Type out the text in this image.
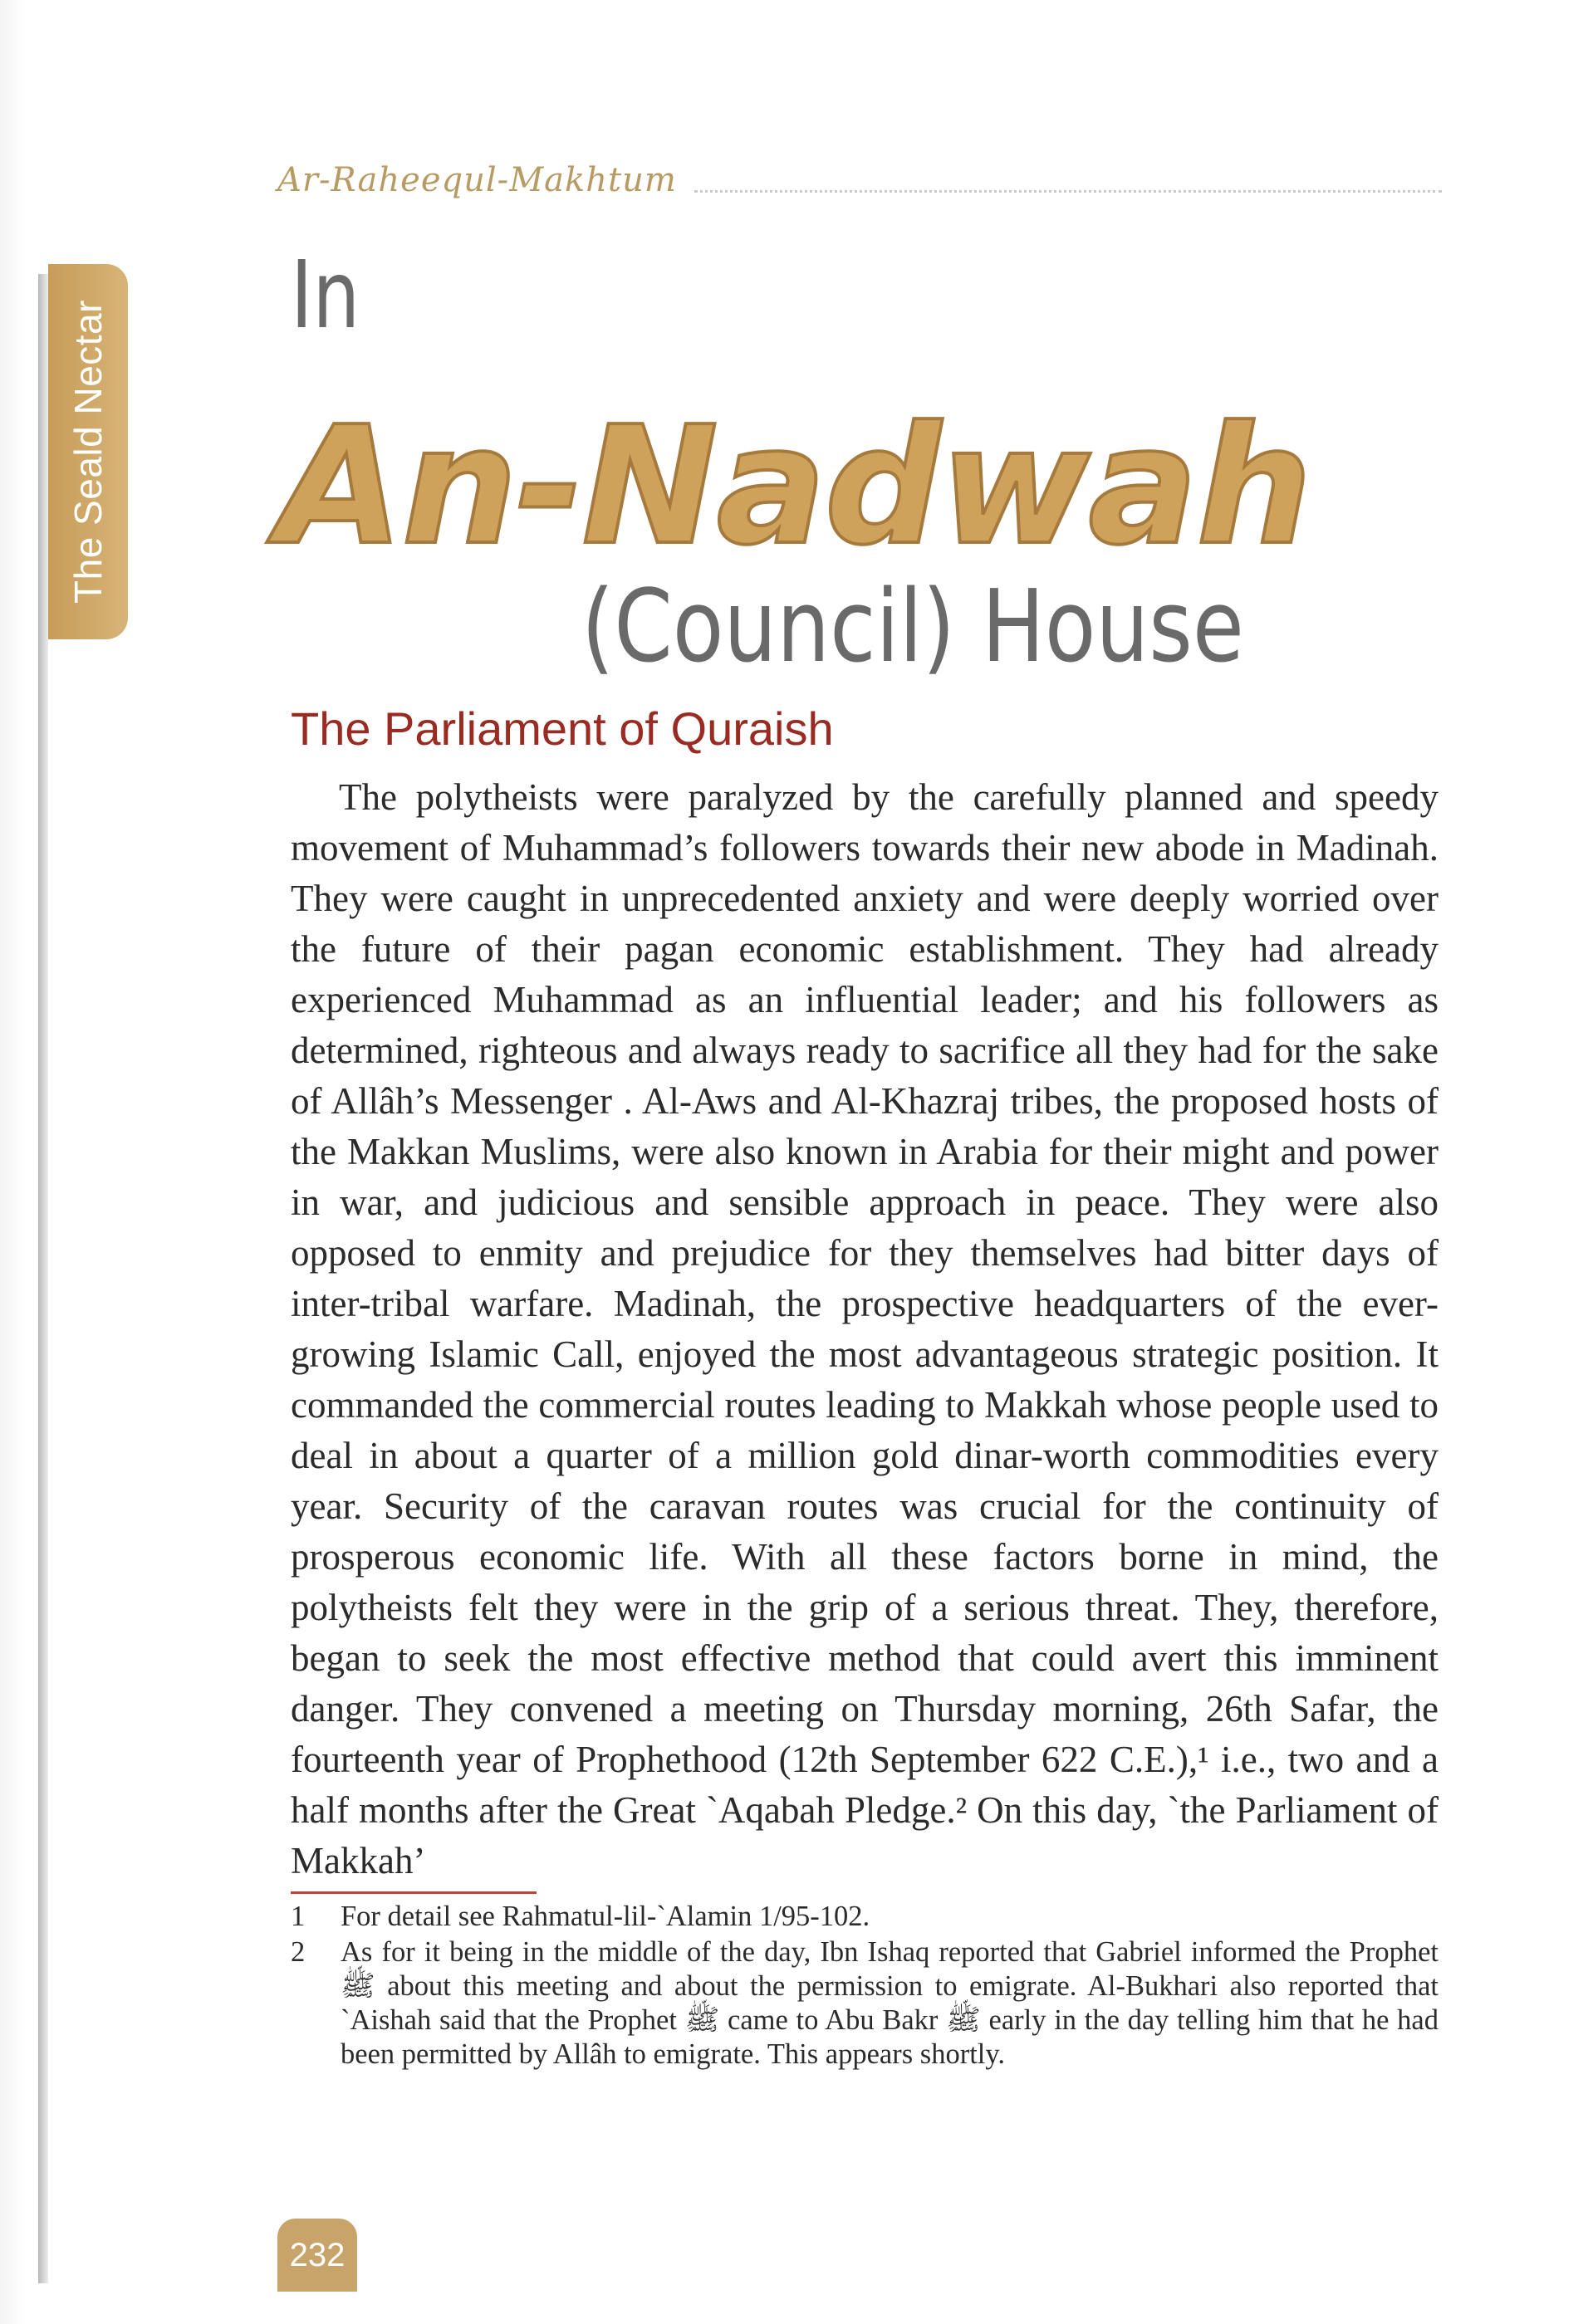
The Seald Nectar
Ar-Raheequl-Makhtum
In
An-Nadwah
(Council) House
The Parliament of Quraish

The polytheists were paralyzed by the carefully planned and speedy movement of Muhammad’s followers towards their new abode in Madinah. They were caught in unprecedented anxiety and were deeply worried over the future of their pagan economic establishment. They had already experienced Muhammad as an influential leader; and his followers as determined, righteous and always ready to sacrifice all they had for the sake of Allâh’s Messenger . Al-Aws and Al-Khazraj tribes, the proposed hosts of the Makkan Muslims, were also known in Arabia for their might and power in war, and judicious and sensible approach in peace. They were also opposed to enmity and prejudice for they themselves had bitter days of inter-tribal warfare. Madinah, the prospective headquarters of the ever-growing Islamic Call, enjoyed the most advantageous strategic position. It commanded the commercial routes leading to Makkah whose people used to deal in about a quarter of a million gold dinar-worth commodities every year. Security of the caravan routes was crucial for the continuity of prosperous economic life. With all these factors borne in mind, the polytheists felt they were in the grip of a serious threat. They, therefore, began to seek the most effective method that could avert this imminent danger. They convened a meeting on Thursday morning, 26th Safar, the fourteenth year of Prophethood (12th September 622 C.E.),¹ i.e., two and a half months after the Great `Aqabah Pledge.² On this day, `the Parliament of Makkah’

1 For detail see Rahmatul-lil-`Alamin 1/95-102.
2 As for it being in the middle of the day, Ibn Ishaq reported that Gabriel informed the Prophet ﷺ about this meeting and about the permission to emigrate. Al-Bukhari also reported that `Aishah said that the Prophet ﷺ came to Abu Bakr ﷺ early in the day telling him that he had been permitted by Allâh to emigrate. This appears shortly.
232
